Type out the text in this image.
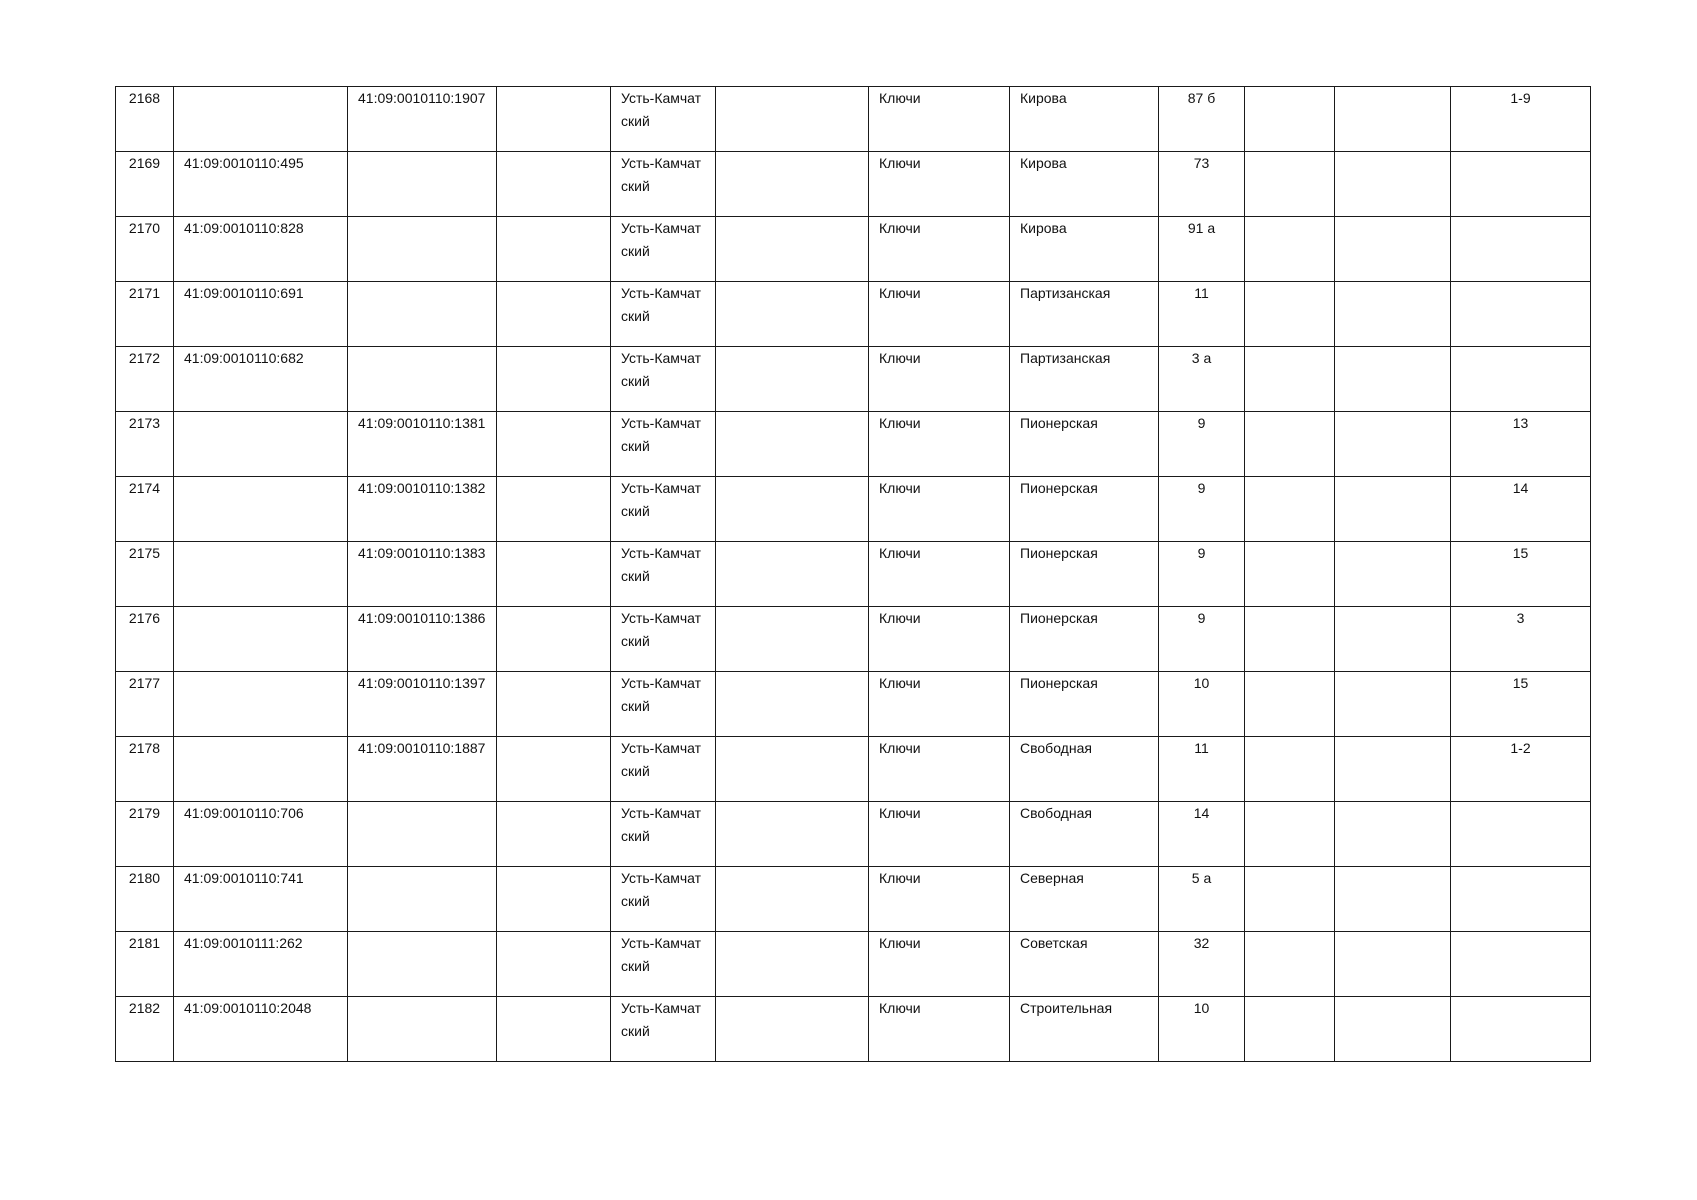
2168		41:09:0010110:1907		Усть-Камчатский		Ключи	Кирова	87 б			1-9
2169	41:09:0010110:495			Усть-Камчатский		Ключи	Кирова	73			
2170	41:09:0010110:828			Усть-Камчатский		Ключи	Кирова	91 а			
2171	41:09:0010110:691			Усть-Камчатский		Ключи	Партизанская	11			
2172	41:09:0010110:682			Усть-Камчатский		Ключи	Партизанская	3 а			
2173		41:09:0010110:1381		Усть-Камчатский		Ключи	Пионерская	9			13
2174		41:09:0010110:1382		Усть-Камчатский		Ключи	Пионерская	9			14
2175		41:09:0010110:1383		Усть-Камчатский		Ключи	Пионерская	9			15
2176		41:09:0010110:1386		Усть-Камчатский		Ключи	Пионерская	9			3
2177		41:09:0010110:1397		Усть-Камчатский		Ключи	Пионерская	10			15
2178		41:09:0010110:1887		Усть-Камчатский		Ключи	Свободная	11			1-2
2179	41:09:0010110:706			Усть-Камчатский		Ключи	Свободная	14			
2180	41:09:0010110:741			Усть-Камчатский		Ключи	Северная	5 а			
2181	41:09:0010111:262			Усть-Камчатский		Ключи	Советская	32			
2182	41:09:0010110:2048			Усть-Камчатский		Ключи	Строительная	10			
